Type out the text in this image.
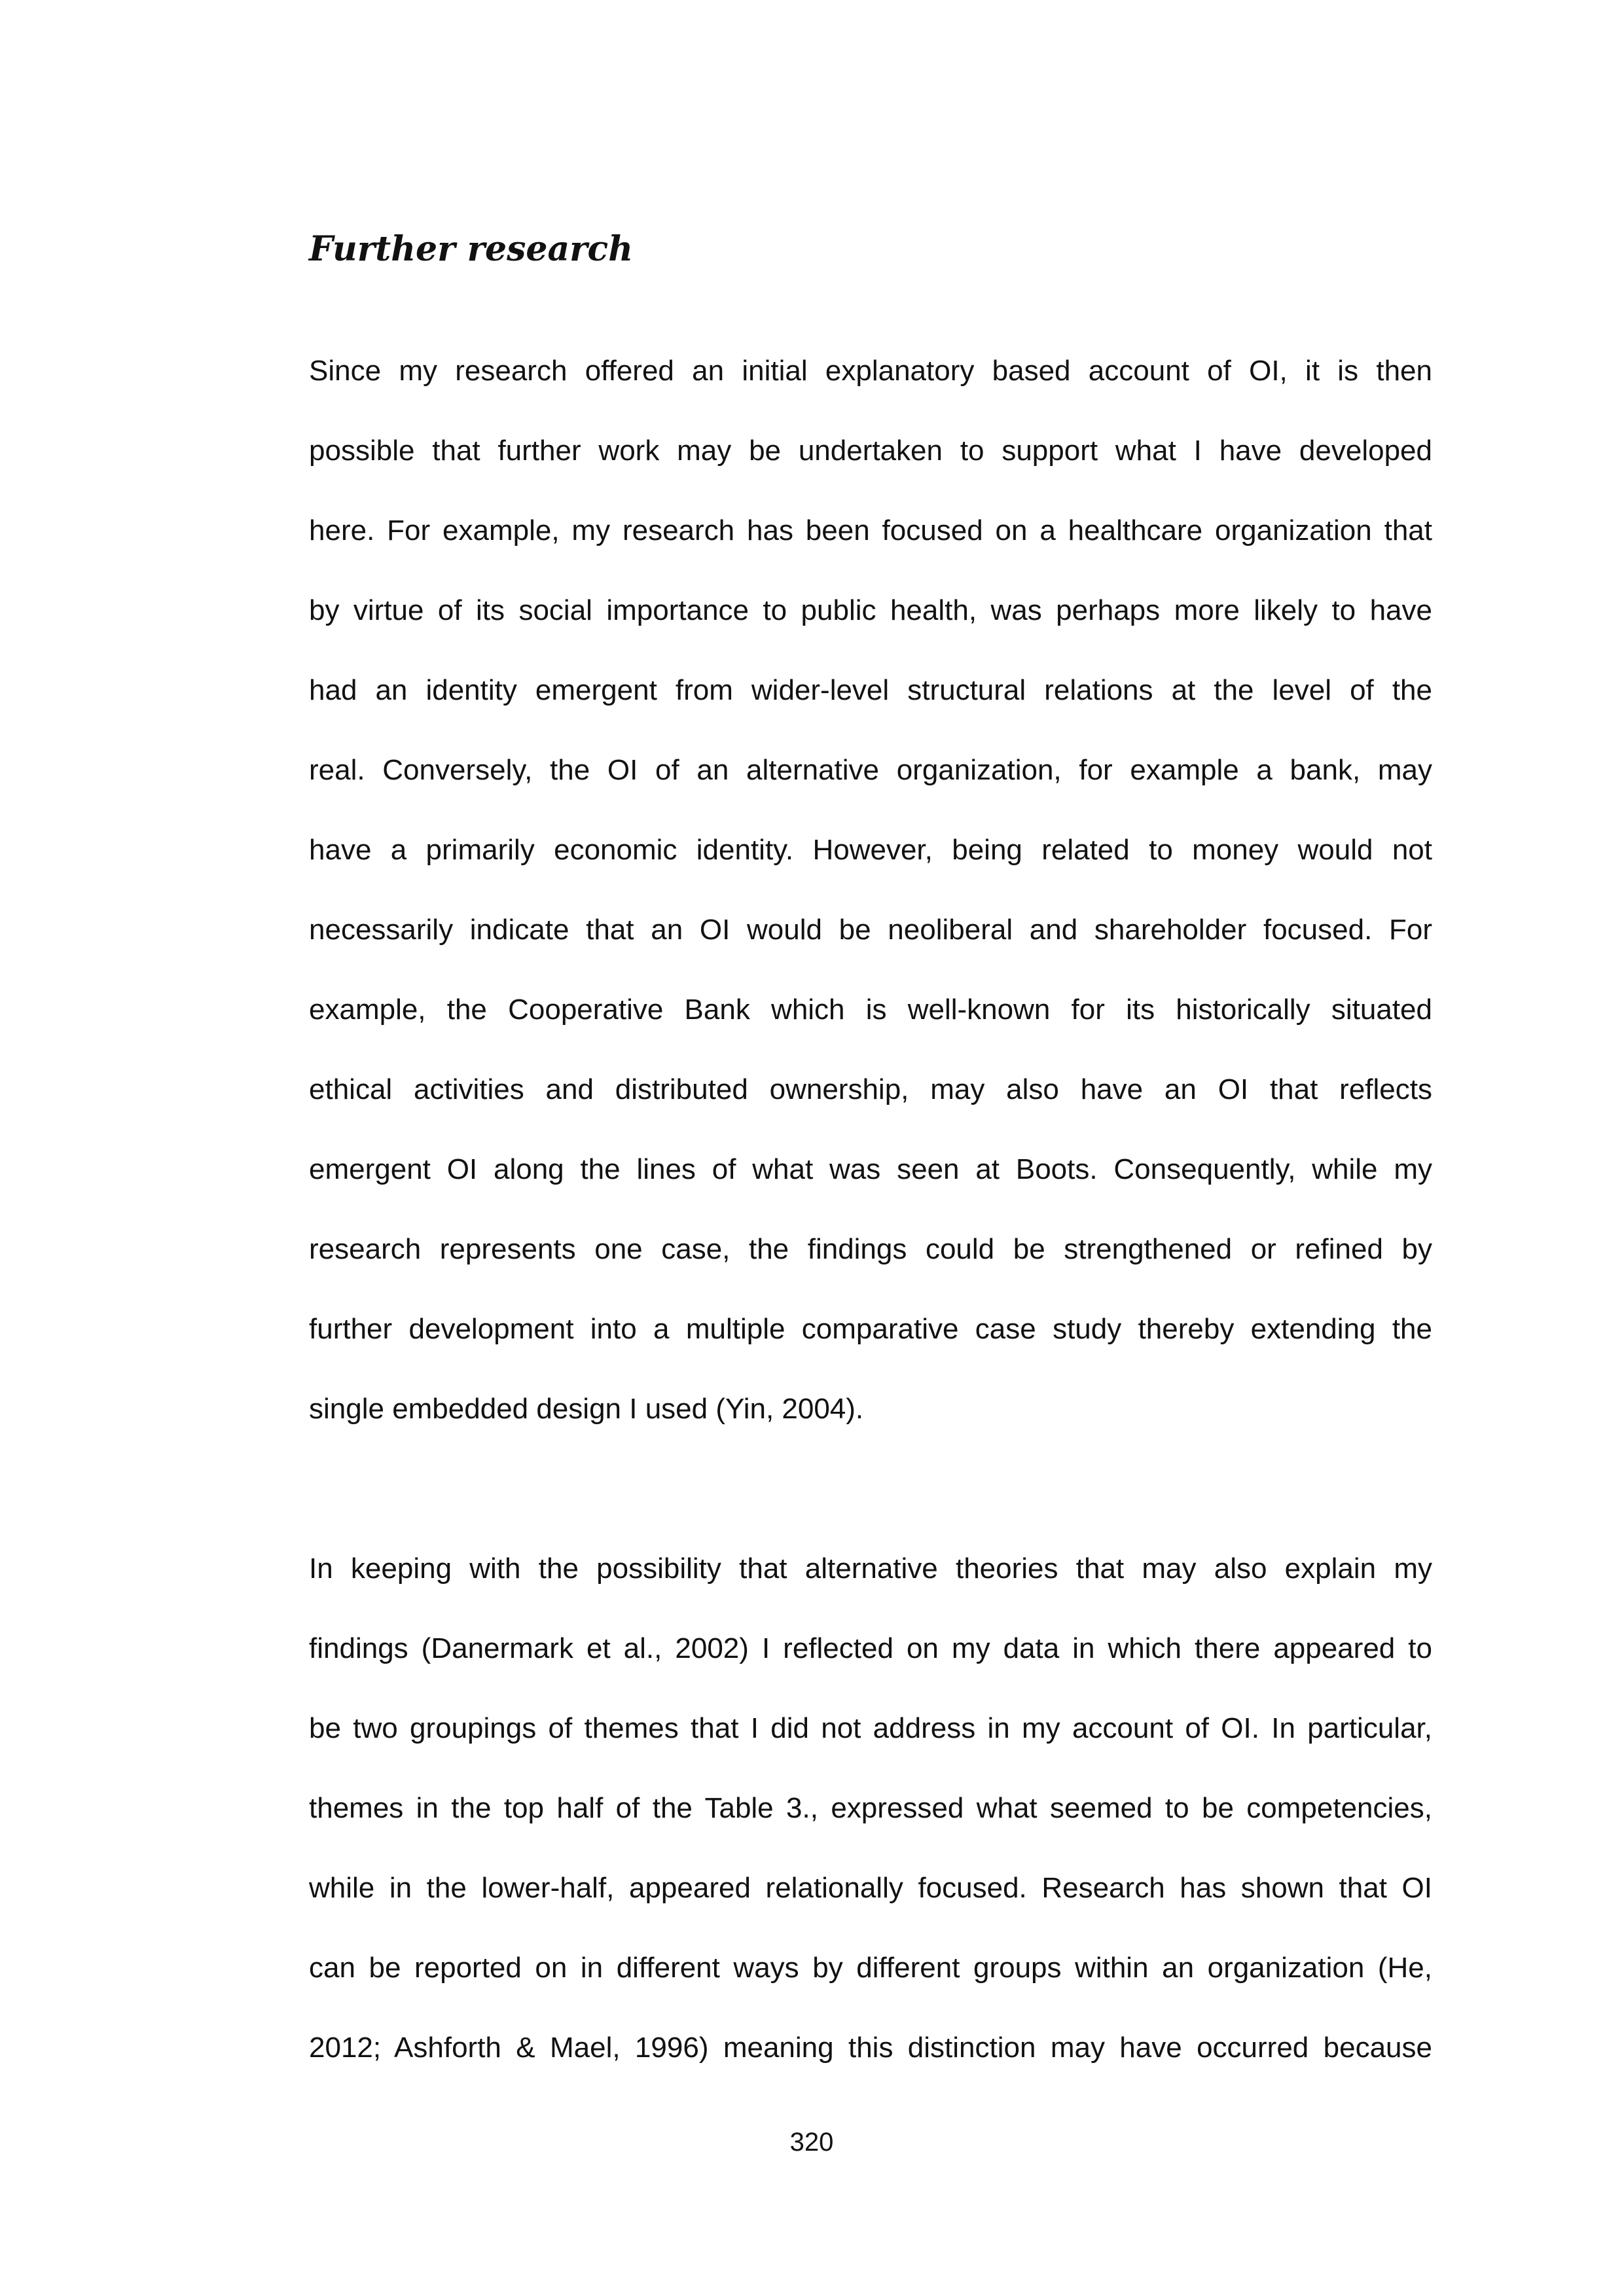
Further research

Since my research offered an initial explanatory based account of OI, it is then

possible that further work may be undertaken to support what I have developed

here. For example, my research has been focused on a healthcare organization that

by virtue of its social importance to public health, was perhaps more likely to have

had an identity emergent from wider-level structural relations at the level of the

real. Conversely, the OI of an alternative organization, for example a bank, may

have a primarily economic identity. However, being related to money would not

necessarily indicate that an OI would be neoliberal and shareholder focused. For

example, the Cooperative Bank which is well-known for its historically situated

ethical activities and distributed ownership, may also have an OI that reflects

emergent OI along the lines of what was seen at Boots. Consequently, while my

research represents one case, the findings could be strengthened or refined by

further development into a multiple comparative case study thereby extending the

single embedded design I used (Yin, 2004).

In keeping with the possibility that alternative theories that may also explain my

findings (Danermark et al., 2002) I reflected on my data in which there appeared to

be two groupings of themes that I did not address in my account of OI. In particular,

themes in the top half of the Table 3., expressed what seemed to be competencies,

while in the lower-half, appeared relationally focused. Research has shown that OI

can be reported on in different ways by different groups within an organization (He,

2012; Ashforth & Mael, 1996) meaning this distinction may have occurred because

320
